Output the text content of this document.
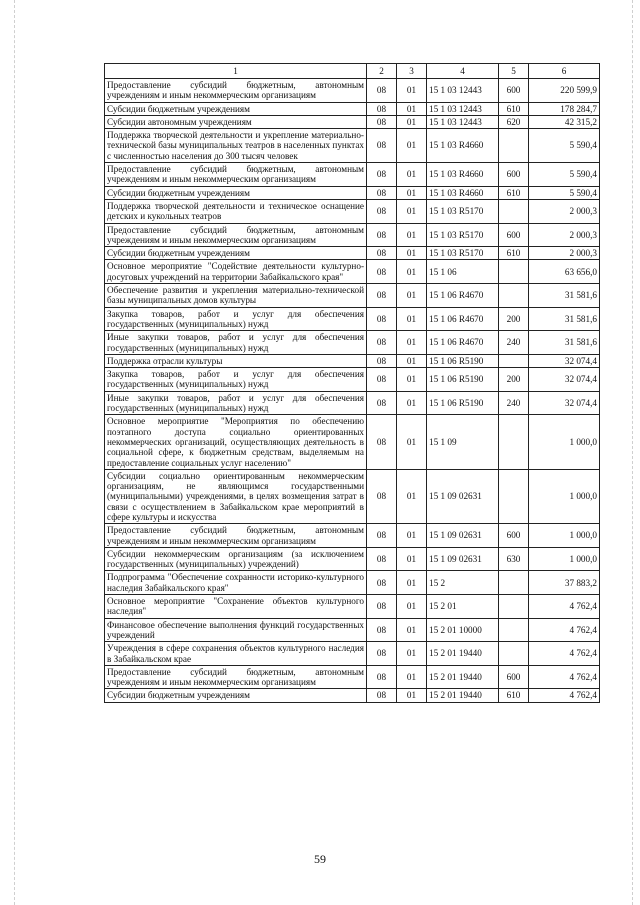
1	2	3	4	5	6
Предоставление субсидий бюджетным, автономным учреждениям и иным некоммерческим организациям	08	01	15 1 03 12443	600	220 599,9
Субсидии бюджетным учреждениям	08	01	15 1 03 12443	610	178 284,7
Субсидии автономным учреждениям	08	01	15 1 03 12443	620	42 315,2
Поддержка творческой деятельности и укрепление материально-технической базы муниципальных театров в населенных пунктах с численностью населения до 300 тысяч человек	08	01	15 1 03 R4660		5 590,4
Предоставление субсидий бюджетным, автономным учреждениям и иным некоммерческим организациям	08	01	15 1 03 R4660	600	5 590,4
Субсидии бюджетным учреждениям	08	01	15 1 03 R4660	610	5 590,4
Поддержка творческой деятельности и техническое оснащение детских и кукольных театров	08	01	15 1 03 R5170		2 000,3
Предоставление субсидий бюджетным, автономным учреждениям и иным некоммерческим организациям	08	01	15 1 03 R5170	600	2 000,3
Субсидии бюджетным учреждениям	08	01	15 1 03 R5170	610	2 000,3
Основное мероприятие "Содействие деятельности культурно-досуговых учреждений на территории Забайкальского края"	08	01	15 1 06		63 656,0
Обеспечение развития и укрепления материально-технической базы муниципальных домов культуры	08	01	15 1 06 R4670		31 581,6
Закупка товаров, работ и услуг для обеспечения государственных (муниципальных) нужд	08	01	15 1 06 R4670	200	31 581,6
Иные закупки товаров, работ и услуг для обеспечения государственных (муниципальных) нужд	08	01	15 1 06 R4670	240	31 581,6
Поддержка отрасли культуры	08	01	15 1 06 R5190		32 074,4
Закупка товаров, работ и услуг для обеспечения государственных (муниципальных) нужд	08	01	15 1 06 R5190	200	32 074,4
Иные закупки товаров, работ и услуг для обеспечения государственных (муниципальных) нужд	08	01	15 1 06 R5190	240	32 074,4
Основное мероприятие "Мероприятия по обеспечению поэтапного доступа социально ориентированных некоммерческих организаций, осуществляющих деятельность в социальной сфере, к бюджетным средствам, выделяемым на предоставление социальных услуг населению"	08	01	15 1 09		1 000,0
Субсидии социально ориентированным некоммерческим организациям, не являющимся государственными (муниципальными) учреждениями, в целях возмещения затрат в связи с осуществлением в Забайкальском крае мероприятий в сфере культуры и искусства	08	01	15 1 09 02631		1 000,0
Предоставление субсидий бюджетным, автономным учреждениям и иным некоммерческим организациям	08	01	15 1 09 02631	600	1 000,0
Субсидии некоммерческим организациям (за исключением государственных (муниципальных) учреждений)	08	01	15 1 09 02631	630	1 000,0
Подпрограмма "Обеспечение сохранности историко-культурного наследия Забайкальского края"	08	01	15 2		37 883,2
Основное мероприятие "Сохранение объектов культурного наследия"	08	01	15 2 01		4 762,4
Финансовое обеспечение выполнения функций государственных учреждений	08	01	15 2 01 10000		4 762,4
Учреждения в сфере сохранения объектов культурного наследия в Забайкальском крае	08	01	15 2 01 19440		4 762,4
Предоставление субсидий бюджетным, автономным учреждениям и иным некоммерческим организациям	08	01	15 2 01 19440	600	4 762,4
Субсидии бюджетным учреждениям	08	01	15 2 01 19440	610	4 762,4
59
